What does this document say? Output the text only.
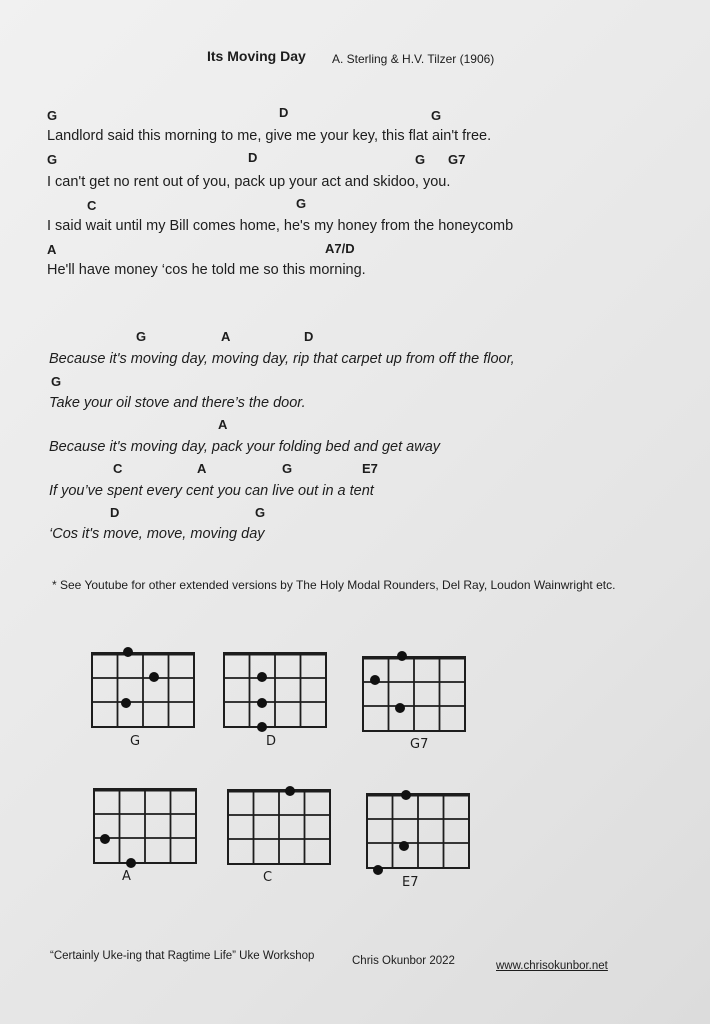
Its Moving Day A. Sterling & H.V. Tilzer (1906)
G	D	G
Landlord said this morning to me, give me your key, this flat ain't free.
G	D	G G7
I can't get no rent out of you, pack up your act and skidoo, you.
C	G
I said wait until my Bill comes home, he's my honey from the honeycomb
A	A7/D
He'll have money ‘cos he told me so this morning.
G	A	D
Because it's moving day, moving day, rip that carpet up from off the floor,
G
Take your oil stove and there’s the door.
A
Because it's moving day, pack your folding bed and get away
C	A	G	E7
If you’ve spent every cent you can live out in a tent
D	G
‘Cos it's move, move, moving day
* See Youtube for other extended versions by The Holy Modal Rounders, Del Ray, Loudon Wainwright etc.
G	D	G7
A	C	E7
“Certainly Uke-ing that Ragtime Life” Uke Workshop	Chris Okunbor 2022	www.chrisokunbor.net
